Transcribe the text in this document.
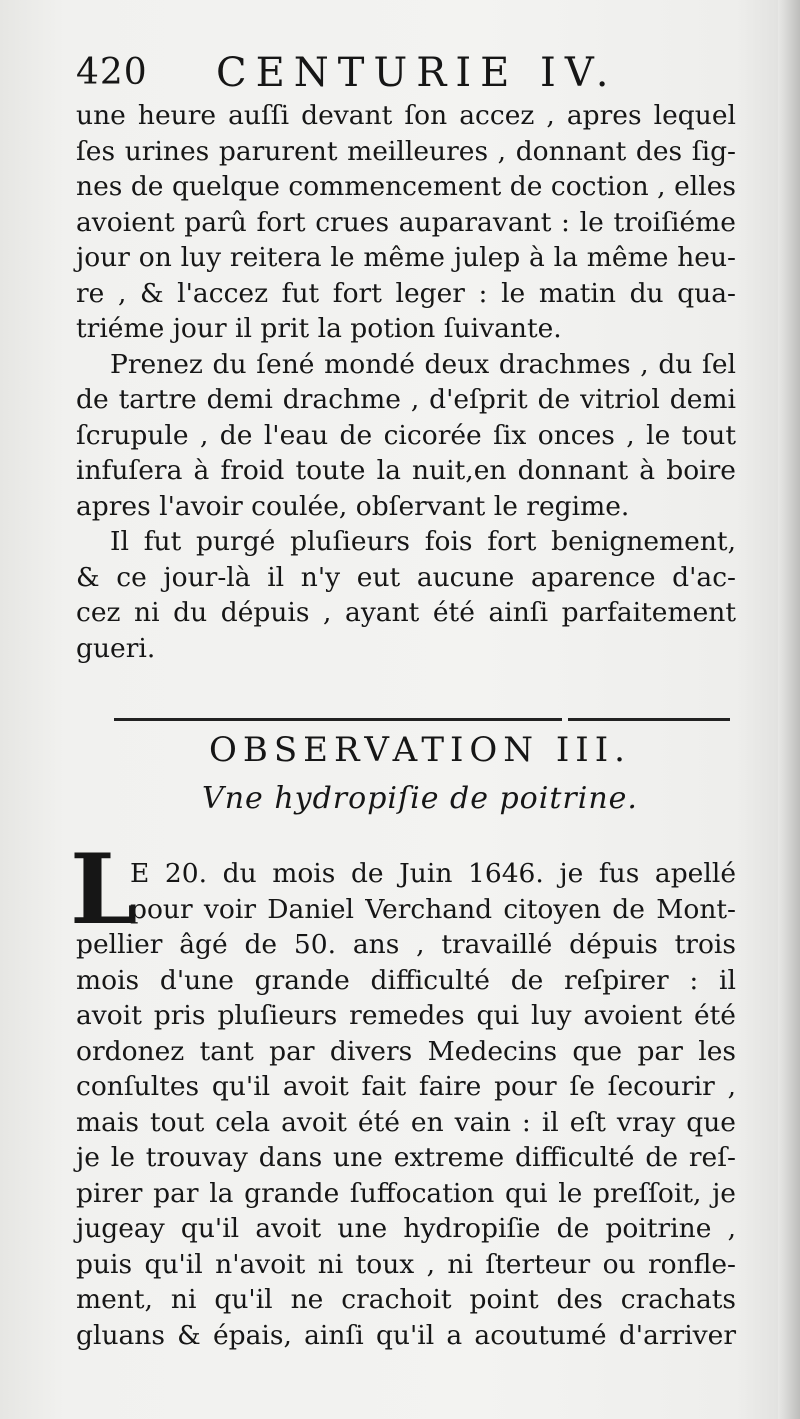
420 CENTURIE IV.
une heure auſſi devant ſon accez , apres lequel
ſes urines parurent meilleures , donnant des ſig-
nes de quelque commencement de coction , elles
avoient parû fort crues auparavant : le troiſiéme
jour on luy reitera le même julep à la même heu-
re , & l'accez fut fort leger : le matin du qua-
triéme jour il prit la potion ſuivante.
Prenez du ſené mondé deux drachmes , du ſel
de tartre demi drachme , d'eſprit de vitriol demi
ſcrupule , de l'eau de cicorée ſix onces , le tout
infuſera à froid toute la nuit,en donnant à boire
apres l'avoir coulée, obſervant le regime.
Il fut purgé pluſieurs fois fort benignement,
& ce jour-là il n'y eut aucune aparence d'ac-
cez ni du dépuis , ayant été ainſi parfaitement
gueri.
OBSERVATION III.
Vne hydropiſie de poitrine.
L
E 20. du mois de Juin 1646. je fus apellé
pour voir Daniel Verchand citoyen de Mont-
pellier âgé de 50. ans , travaillé dépuis trois
mois d'une grande difficulté de reſpirer : il
avoit pris pluſieurs remedes qui luy avoient été
ordonez tant par divers Medecins que par les
conſultes qu'il avoit fait faire pour ſe ſecourir ,
mais tout cela avoit été en vain : il eſt vray que
je le trouvay dans une extreme difficulté de reſ-
pirer par la grande ſuffocation qui le preſſoit, je
jugeay qu'il avoit une hydropiſie de poitrine ,
puis qu'il n'avoit ni toux , ni ſterteur ou ronfle-
ment, ni qu'il ne crachoit point des crachats
gluans & épais, ainſi qu'il a acoutumé d'arriver
